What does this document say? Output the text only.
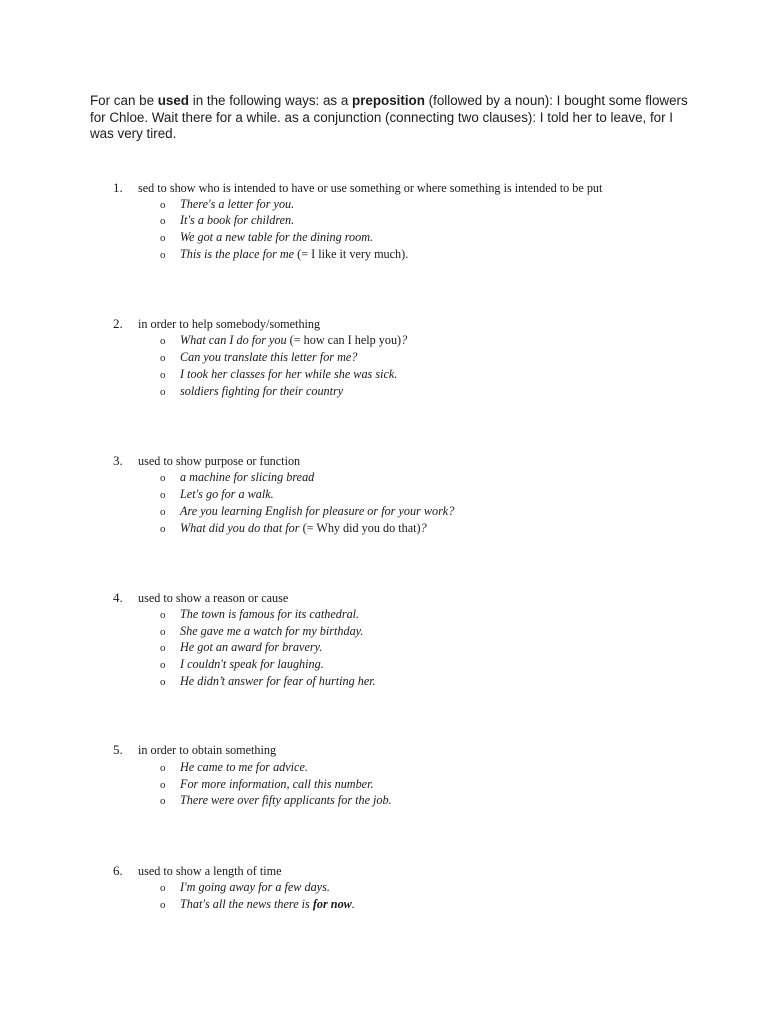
For can be used in the following ways: as a preposition (followed by a noun): I bought some flowers for Chloe. Wait there for a while. as a conjunction (connecting two clauses): I told her to leave, for I was very tired.
1. sed to show who is intended to have or use something or where something is intended to be put
o There's a letter for you.
o It's a book for children.
o We got a new table for the dining room.
o This is the place for me (= I like it very much).
2. in order to help somebody/something
o What can I do for you (= how can I help you)?
o Can you translate this letter for me?
o I took her classes for her while she was sick.
o soldiers fighting for their country
3. used to show purpose or function
o a machine for slicing bread
o Let's go for a walk.
o Are you learning English for pleasure or for your work?
o What did you do that for (= Why did you do that)?
4. used to show a reason or cause
o The town is famous for its cathedral.
o She gave me a watch for my birthday.
o He got an award for bravery.
o I couldn't speak for laughing.
o He didn’t answer for fear of hurting her.
5. in order to obtain something
o He came to me for advice.
o For more information, call this number.
o There were over fifty applicants for the job.
6. used to show a length of time
o I'm going away for a few days.
o That's all the news there is for now.
